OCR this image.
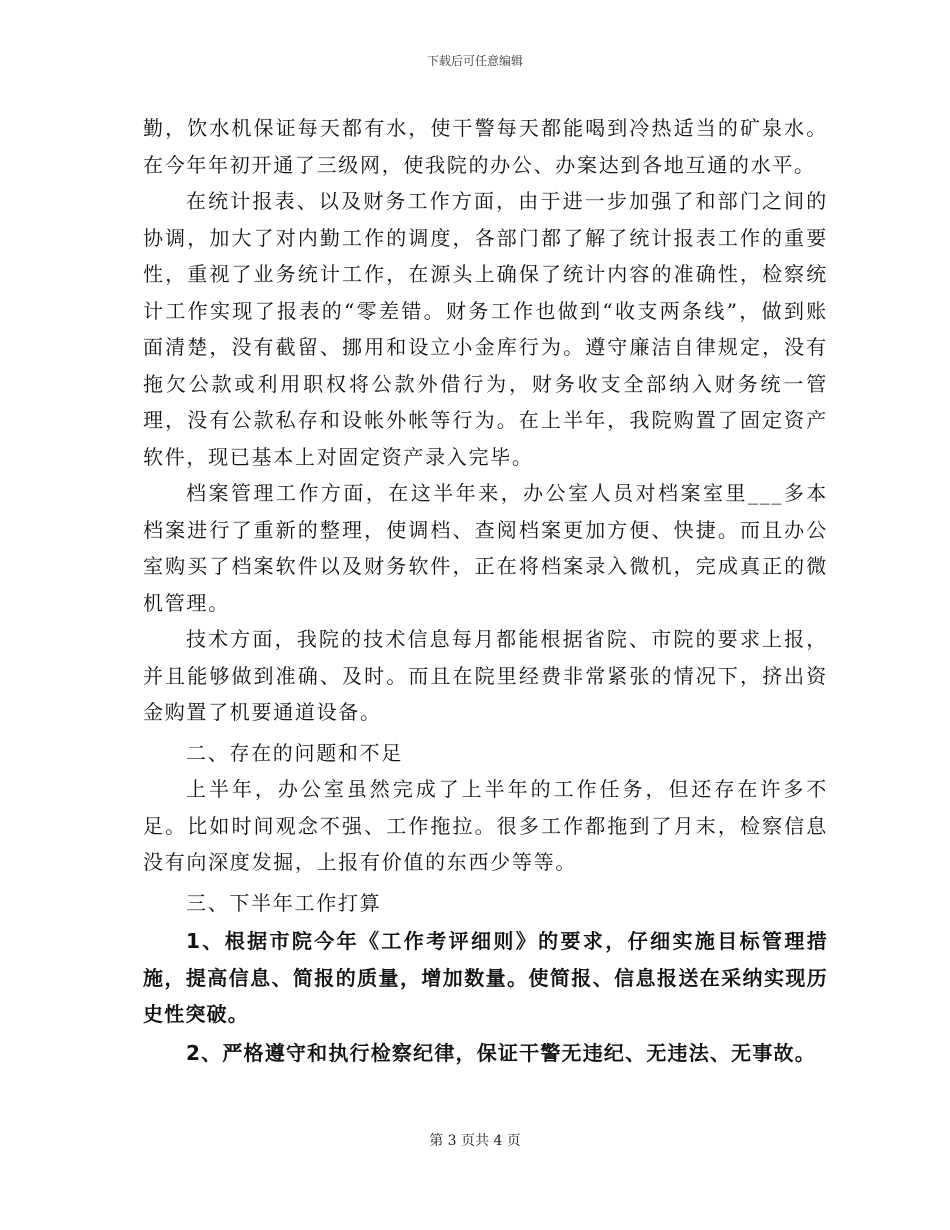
下载后可任意编辑

勤，饮水机保证每天都有水，使干警每天都能喝到冷热适当的矿泉水。在今年年初开通了三级网，使我院的办公、办案达到各地互通的水平。

在统计报表、以及财务工作方面，由于进一步加强了和部门之间的协调，加大了对内勤工作的调度，各部门都了解了统计报表工作的重要性，重视了业务统计工作，在源头上确保了统计内容的准确性，检察统计工作实现了报表的“零差错。财务工作也做到“收支两条线”，做到账面清楚，没有截留、挪用和设立小金库行为。遵守廉洁自律规定，没有拖欠公款或利用职权将公款外借行为，财务收支全部纳入财务统一管理，没有公款私存和设帐外帐等行为。在上半年，我院购置了固定资产软件，现已基本上对固定资产录入完毕。

档案管理工作方面，在这半年来，办公室人员对档案室里___多本档案进行了重新的整理，使调档、查阅档案更加方便、快捷。而且办公室购买了档案软件以及财务软件，正在将档案录入微机，完成真正的微机管理。

技术方面，我院的技术信息每月都能根据省院、市院的要求上报，并且能够做到准确、及时。而且在院里经费非常紧张的情况下，挤出资金购置了机要通道设备。

二、存在的问题和不足

上半年，办公室虽然完成了上半年的工作任务，但还存在许多不足。比如时间观念不强、工作拖拉。很多工作都拖到了月末，检察信息没有向深度发掘，上报有价值的东西少等等。

三、下半年工作打算

1、根据市院今年《工作考评细则》的要求，仔细实施目标管理措施，提高信息、简报的质量，增加数量。使简报、信息报送在采纳实现历史性突破。

2、严格遵守和执行检察纪律，保证干警无违纪、无违法、无事故。

第 3 页共 4 页
